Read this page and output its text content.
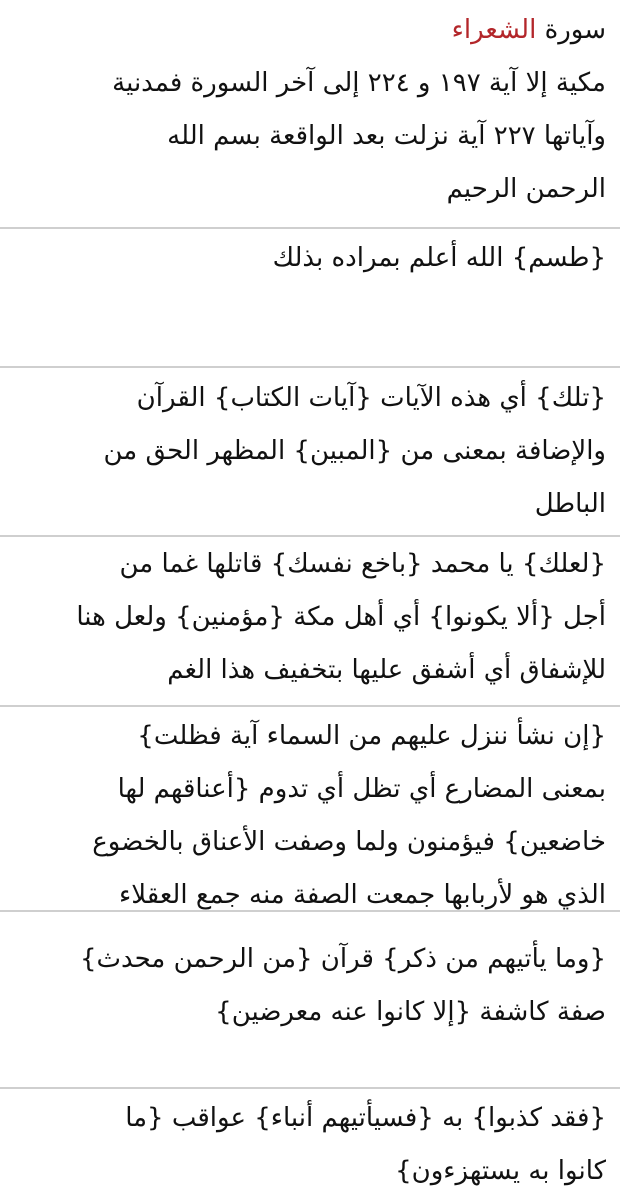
سورة الشعراء

مكية إلا آية ١٩٧ و ٢٢٤ إلى آخر السورة فمدنية

وآياتها ٢٢٧ آية نزلت بعد الواقعة بسم الله

الرحمن الرحيم

{طسم} الله أعلم بمراده بذلك

{تلك} أي هذه الآيات {آيات الكتاب} القرآن

والإضافة بمعنى من {المبين} المظهر الحق من

الباطل

{لعلك} يا محمد {باخع نفسك} قاتلها غما من

أجل {ألا يكونوا} أي أهل مكة {مؤمنين} ولعل هنا

للإشفاق أي أشفق عليها بتخفيف هذا الغم

{إن نشأ ننزل عليهم من السماء آية فظلت}

بمعنى المضارع أي تظل أي تدوم {أعناقهم لها

خاضعين} فيؤمنون ولما وصفت الأعناق بالخضوع

الذي هو لأربابها جمعت الصفة منه جمع العقلاء

{وما يأتيهم من ذكر} قرآن {من الرحمن محدث}

صفة كاشفة {إلا كانوا عنه معرضين}

{فقد كذبوا} به {فسيأتيهم أنباء} عواقب {ما

كانوا به يستهزءون}
